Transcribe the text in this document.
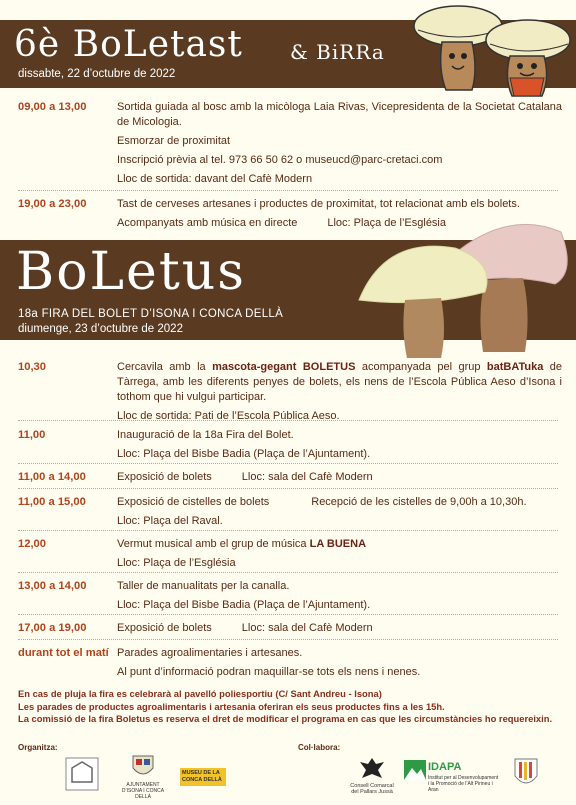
6è BoLetast & BiRRa
dissabte, 22 d’octubre de 2022
09,00 a 13,00	Sortida guiada al bosc amb la micòloga Laia Rivas, Vicepresidenta de la Societat Catalana de Micologia.

Esmorzar de proximitat

Inscripció prèvia al tel. 973 66 50 62 o museucd@parc-cretaci.com

Lloc de sortida: davant del Cafè Modern

19,00 a 23,00	Tast de cerveses artesanes i productes de proximitat, tot relacionat amb els bolets.

Acompanyats amb música en directe	Lloc: Plaça de l’Església

BoLetus
18a FIRA DEL BOLET D’ISONA I CONCA DELLÀ
diumenge, 23 d’octubre de 2022
10,30	Cercavila amb la mascota-gegant BOLETUS acompanyada pel grup batBATuka de Tàrrega, amb les diferents penyes de bolets, els nens de l’Escola Pública Aeso d’Isona i tothom que hi vulgui participar.

Lloc de sortida: Pati de l’Escola Pública Aeso.

11,00	Inauguració de la 18a Fira del Bolet.

Lloc: Plaça del Bisbe Badia (Plaça de l’Ajuntament).

11,00 a 14,00	Exposició de bolets	Lloc: sala del Cafè Modern

11,00 a 15,00	Exposició de cistelles de bolets	Recepció de les cistelles de 9,00h a 10,30h.

Lloc: Plaça del Raval.

12,00	Vermut musical amb el grup de música LA BUENA

Lloc: Plaça de l’Església

13,00 a 14,00	Taller de manualitats per la canalla.

Lloc: Plaça del Bisbe Badia (Plaça de l’Ajuntament).

17,00 a 19,00	Exposició de bolets	Lloc: sala del Cafè Modern

durant tot el matí Parades agroalimentaries i artesanes.

Al punt d’informació podran maquillar-se tots els nens i nenes.

En cas de pluja la fira es celebrarà al pavelló poliesportiu (C/ Sant Andreu - Isona)
Les parades de productes agroalimentaris i artesania oferiran els seus productes fins a les 15h.
La comissió de la fira Boletus es reserva el dret de modificar el programa en cas que les circumstàncies ho requereixin.
Organitza:	Col·labora:
AJUNTAMENT D’ISONA I CONCA DELLÀ
MUSEU DE LA CONCA DELLÀ
Consell Comarcal del Pallars Jussà
IDAPA
Institut per al Desenvolupament i la Promoció de l’Alt Pirineu i Aran
